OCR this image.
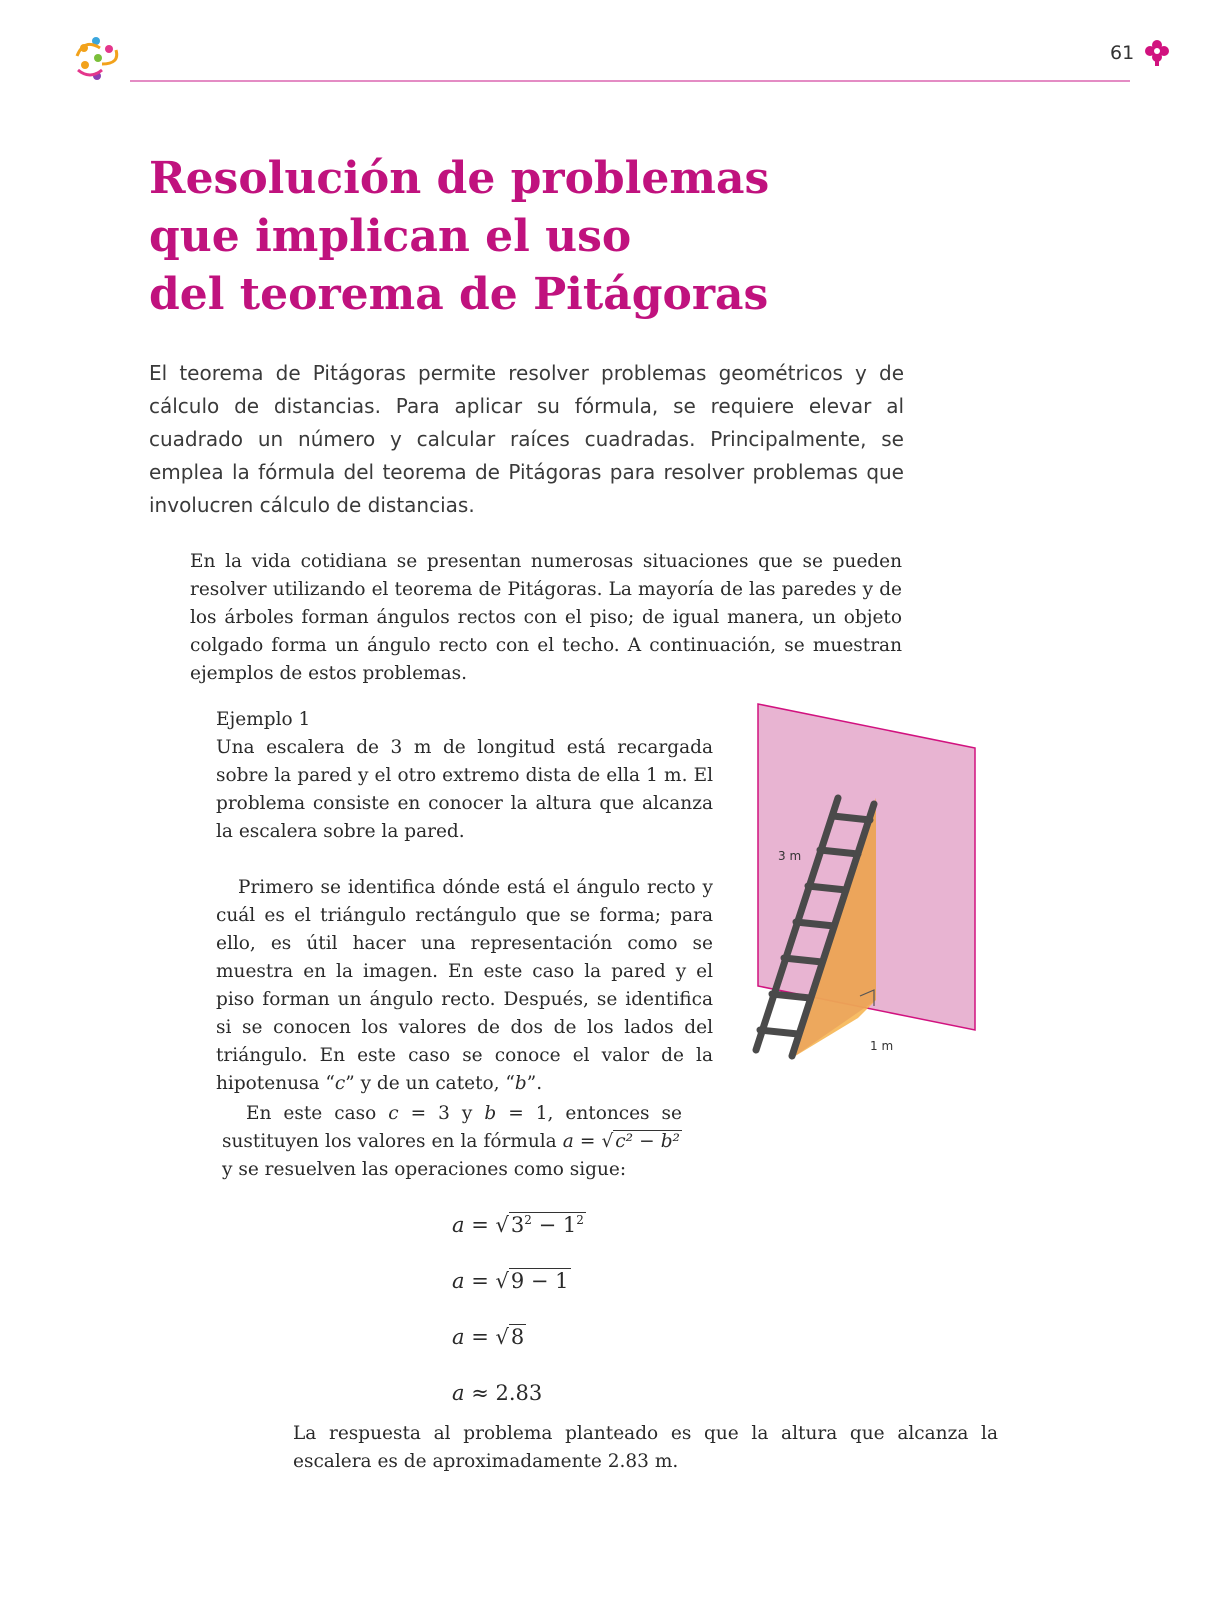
61
Resolución de problemas
que implican el uso
del teorema de Pitágoras

El teorema de Pitágoras permite resolver problemas geométricos y de cálculo de distancias. Para aplicar su fórmula, se requiere elevar al cuadrado un número y calcular raíces cuadradas. Principalmente, se emplea la fórmula del teorema de Pitágoras para resolver problemas que involucren cálculo de distancias.

En la vida cotidiana se presentan numerosas situaciones que se pueden resolver utilizando el teorema de Pitágoras. La mayoría de las paredes y de los árboles forman ángulos rectos con el piso; de igual manera, un objeto colgado forma un ángulo recto con el techo. A continuación, se muestran ejemplos de estos problemas.

Ejemplo 1

Una escalera de 3 m de longitud está recargada sobre la pared y el otro extremo dista de ella 1 m. El problema consiste en conocer la altura que alcanza la escalera sobre la pared.

Primero se identifica dónde está el ángulo recto y cuál es el triángulo rectángulo que se forma; para ello, es útil hacer una representación como se muestra en la imagen. En este caso la pared y el piso forman un ángulo recto. Después, se identifica si se conocen los valores de dos de los lados del triángulo. En este caso se conoce el valor de la hipotenusa “c” y de un cateto, “b”.

En este caso c = 3 y b = 1, entonces se sustituyen los valores en la fórmula a = √ c² − b² y se resuelven las operaciones como sigue:

$a = √3^2 - 1^2$
a = √9 − 1
a = √8
a ≈ 2.83

La respuesta al problema planteado es que la altura que alcanza la escalera es de aproximadamente 2.83 m.

3 m
1 m
